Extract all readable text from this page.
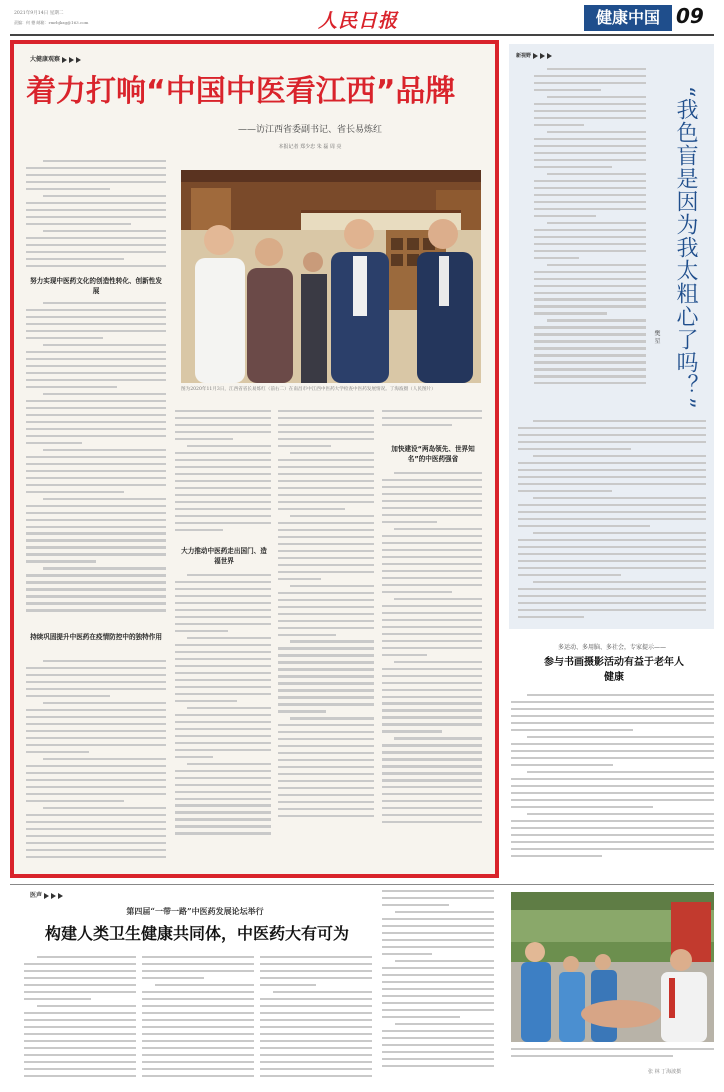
2021年9月14日 星期二
责编：何 德 邮箱：rmrbjkzg@163.com	人民日报	健康中国 09
大健康观察
着力打响“中国中医看江西”品牌
——访江西省委副书记、省长易炼红
本报记者 郑少忠 朱 磊 周 亮
努力实现中医药文化的创造性转化、创新性发展
持续巩固提升中医药在疫情防控中的独特作用
图为2020年11月3日，江西省省长易炼红（前右二）在南昌市中江西中医药大学检查中医药发展情况。丁海波摄（人民图片）
大力推动中医药走出国门、造福世界
加快建设“两岛领先、世界知名”的中医药强省
新视野
“我色盲是因为我太粗心了吗？”
樊 星
多运动、多用脑、多社会，专家提示——
参与书画摄影活动有益于老年人健康
医声
第四届“一带一路”中医药发展论坛举行
构建人类卫生健康共同体，中医药大有可为
张 林 丁海波摄
